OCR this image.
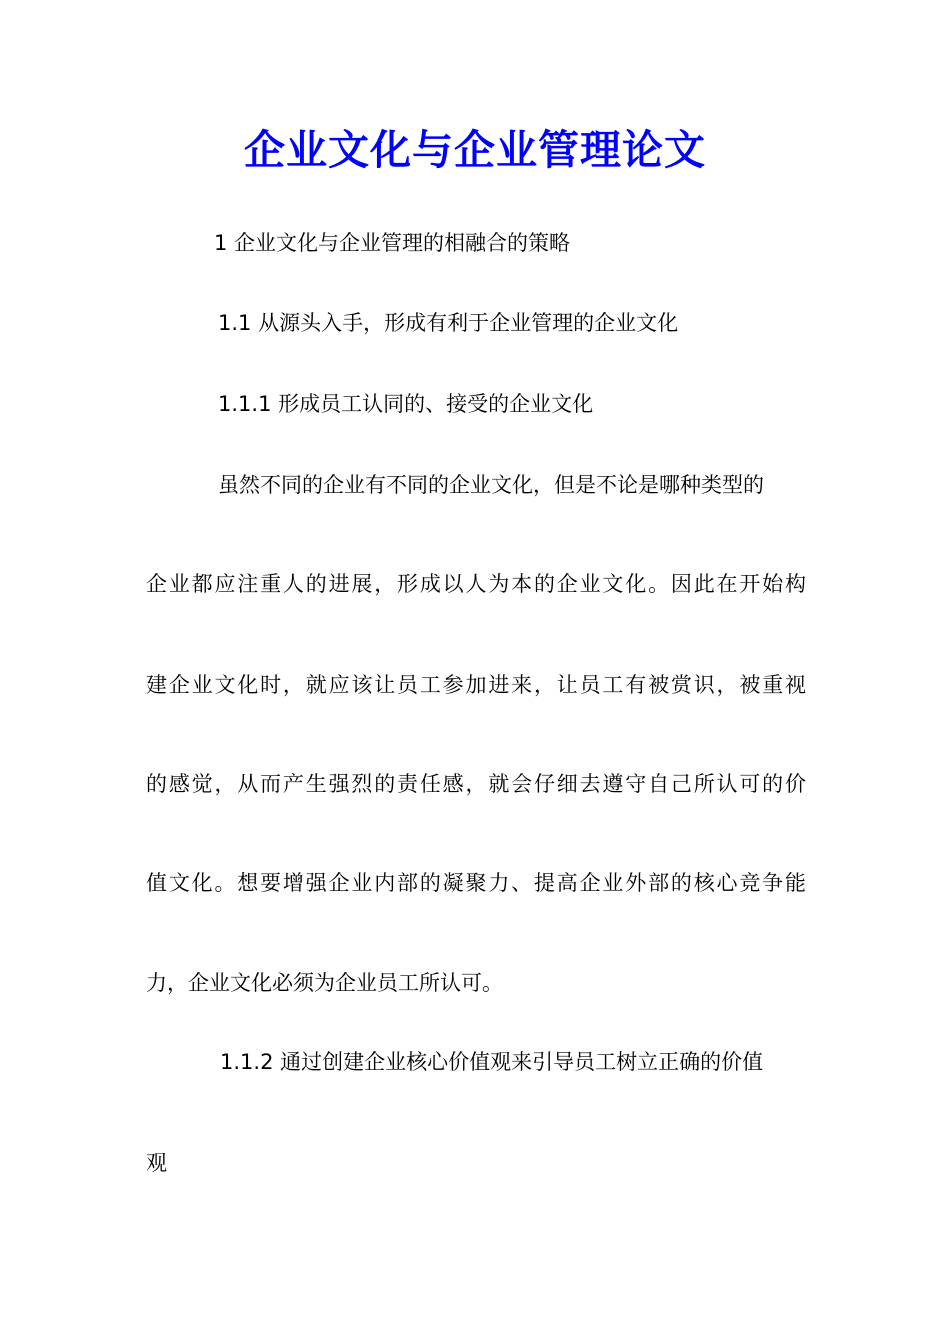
企业文化与企业管理论文

1 企业文化与企业管理的相融合的策略

1.1 从源头入手，形成有利于企业管理的企业文化

1.1.1 形成员工认同的、接受的企业文化

虽然不同的企业有不同的企业文化，但是不论是哪种类型的

企业都应注重人的进展，形成以人为本的企业文化。因此在开始构

建企业文化时，就应该让员工参加进来，让员工有被赏识，被重视

的感觉，从而产生强烈的责任感，就会仔细去遵守自己所认可的价

值文化。想要增强企业内部的凝聚力、提高企业外部的核心竞争能

力，企业文化必须为企业员工所认可。

1.1.2 通过创建企业核心价值观来引导员工树立正确的价值

观
